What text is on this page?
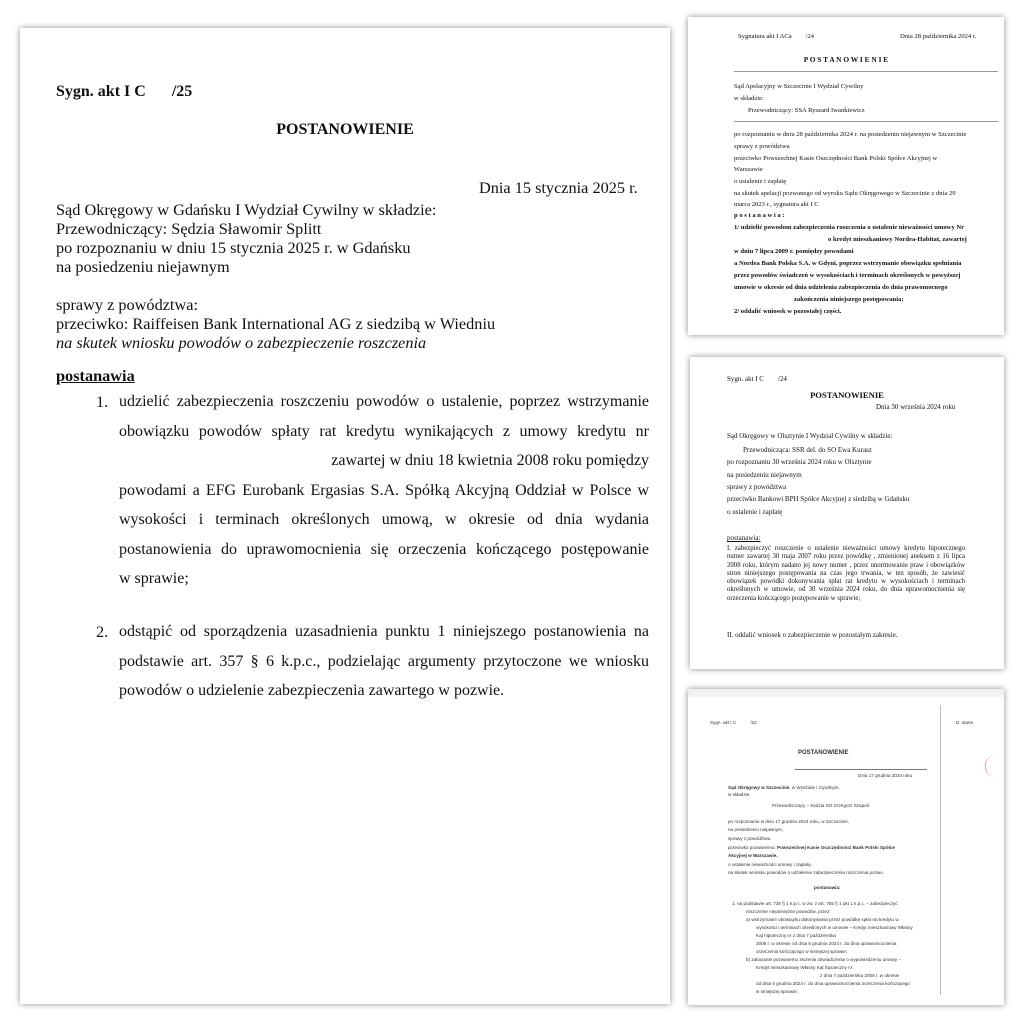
Sygn. akt I C /25
POSTANOWIENIE
Dnia 15 stycznia 2025 r.
Sąd Okręgowy w Gdańsku I Wydział Cywilny w składzie:
Przewodniczący: Sędzia Sławomir Splitt
po rozpoznaniu w dniu 15 stycznia 2025 r. w Gdańsku
na posiedzeniu niejawnym
sprawy z powództwa:
przeciwko: Raiffeisen Bank International AG z siedzibą w Wiedniu
na skutek wniosku powodów o zabezpieczenie roszczenia
postanawia
1. udzielić zabezpieczenia roszczeniu powodów o ustalenie, poprzez wstrzymanie
obowiązku powodów spłaty rat kredytu wynikających z umowy kredytu nr
zawartej w dniu 18 kwietnia 2008 roku pomiędzy
powodami a EFG Eurobank Ergasias S.A. Spółką Akcyjną Oddział w Polsce w
wysokości i terminach określonych umową, w okresie od dnia wydania
postanowienia do uprawomocnienia się orzeczenia kończącego postępowanie
w sprawie;
2. odstąpić od sporządzenia uzasadnienia punktu 1 niniejszego postanowienia na
podstawie art. 357 § 6 k.p.c., podzielając argumenty przytoczone we wniosku
powodów o udzielenie zabezpieczenia zawartego w pozwie.
Sygnatura akt I ACa /24	Dnia 28 października 2024 r.
P O S T A N O W I E N I E
Sąd Apelacyjny w Szczecinie I Wydział Cywilny
w składzie:
Przewodniczący: SSA Ryszard Iwankiewicz
po rozpoznaniu w dniu 28 października 2024 r. na posiedzeniu niejawnym w Szczecinie
sprawy z powództwa
przeciwko Powszechnej Kasie Oszczędności Bank Polski Spółce Akcyjnej w
Warszawie
o ustalenie i zapłatę
na skutek apelacji pozwanego od wyroku Sądu Okręgowego w Szczecinie z dnia 29
marca 2023 r., sygnatura akt I C
p o s t a n a w i a :
1/ udzielić powodom zabezpieczenia roszczenia o ustalenie nieważności umowy Nr
o kredyt mieszkaniowy Nordea-Habitat, zawartej
w dniu 7 lipca 2009 r. pomiędzy powodami
a Nordea Bank Polska S.A. w Gdyni, poprzez wstrzymanie obowiązku spełniania
przez powodów świadczeń w wysokościach i terminach określonych w powyższej
umowie w okresie od dnia udzielenia zabezpieczenia do dnia prawomocnego
zakończenia niniejszego postępowania;
2/ oddalić wniosek w pozostałej części.
Sygn. akt I C /24
POSTANOWIENIE
Dnia 30 września 2024 roku
Sąd Okręgowy w Olsztynie I Wydział Cywilny w składzie:
Przewodnicząca: SSR del. do SO Ewa Kurasz
po rozpoznaniu 30 września 2024 roku w Olsztynie
na posiedzeniu niejawnym
sprawy z powództwa
przeciwko Bankowi BPH Spółce Akcyjnej z siedzibą w Gdańsku
o ustalenie i zapłatę
postanawia:
I. zabezpieczyć roszczenie o ustalenie nieważności umowy kredytu hipotecznego numer zawartej 30 maja 2007 roku przez powódkę , zmienionej aneksem z 16 lipca 2008 roku, którym nadano jej nowy numer , przez unormowanie praw i obowiązków stron niniejszego postępowania na czas jego trwania, w ten sposób, że zawiesić obowiązek powódki dokonywania spłat rat kredytu w wysokościach i terminach określonych w umowie, od 30 września 2024 roku, do dnia uprawomocnienia się orzeczenia kończącego postępowanie w sprawie;
II. oddalić wniosek o zabezpieczenie w pozostałym zakresie.
Sygn. akt I C	/24	D. starie
POSTANOWIENIE
Dnia 17 grudnia 2024 roku
Sąd Okręgowy w Szczecinie, w Wydziale I Cywilnym,
w składzie:
Przewodniczący – Sędzia SO Grzegorz Szapoń
po rozpoznaniu w dniu 17 grudnia 2024 roku, w Szczecinie,
na posiedzeniu niejawnym,
sprawy z powództwa
przeciwko pozwanemu: Powszechnej Kasie Oszczędności Bank Polski Spółce
Akcyjnej w Warszawie,
o ustalenie nieważności umowy i zapłatę,
na skutek wniosku powodów o udzielenie zabezpieczenia roszczenia pozwu
postanawia:
1. na podstawie art. 730 § 1 k.p.c. w zw. z art. 755 § 1 pkt 1 k.p.c. – zabezpieczyć
roszczenie niepieniężne powodów, przez:
a) wstrzymanie obowiązku dokonywania przez powódkę spłat rat kredytu w
wysokości i terminach określonych w umowie – Kredyt mieszkaniowy Własny
Kąt hipoteczny nr z dnia 7 października
2008 r. w okresie od dnia 5 grudnia 2024 r. do dnia uprawomocnienia
orzeczenia kończącego w niniejszej sprawie;
b) zakazanie pozwanemu złożenia oświadczenia o wypowiedzeniu umowy –
Kredyt mieszkaniowy Własny Kąt hipoteczny nr
z dnia 7 października 2008 r. w okresie
od dnia 5 grudnia 2024 r. do dnia uprawomocnienia orzeczenia kończącego
w niniejszej sprawie;
